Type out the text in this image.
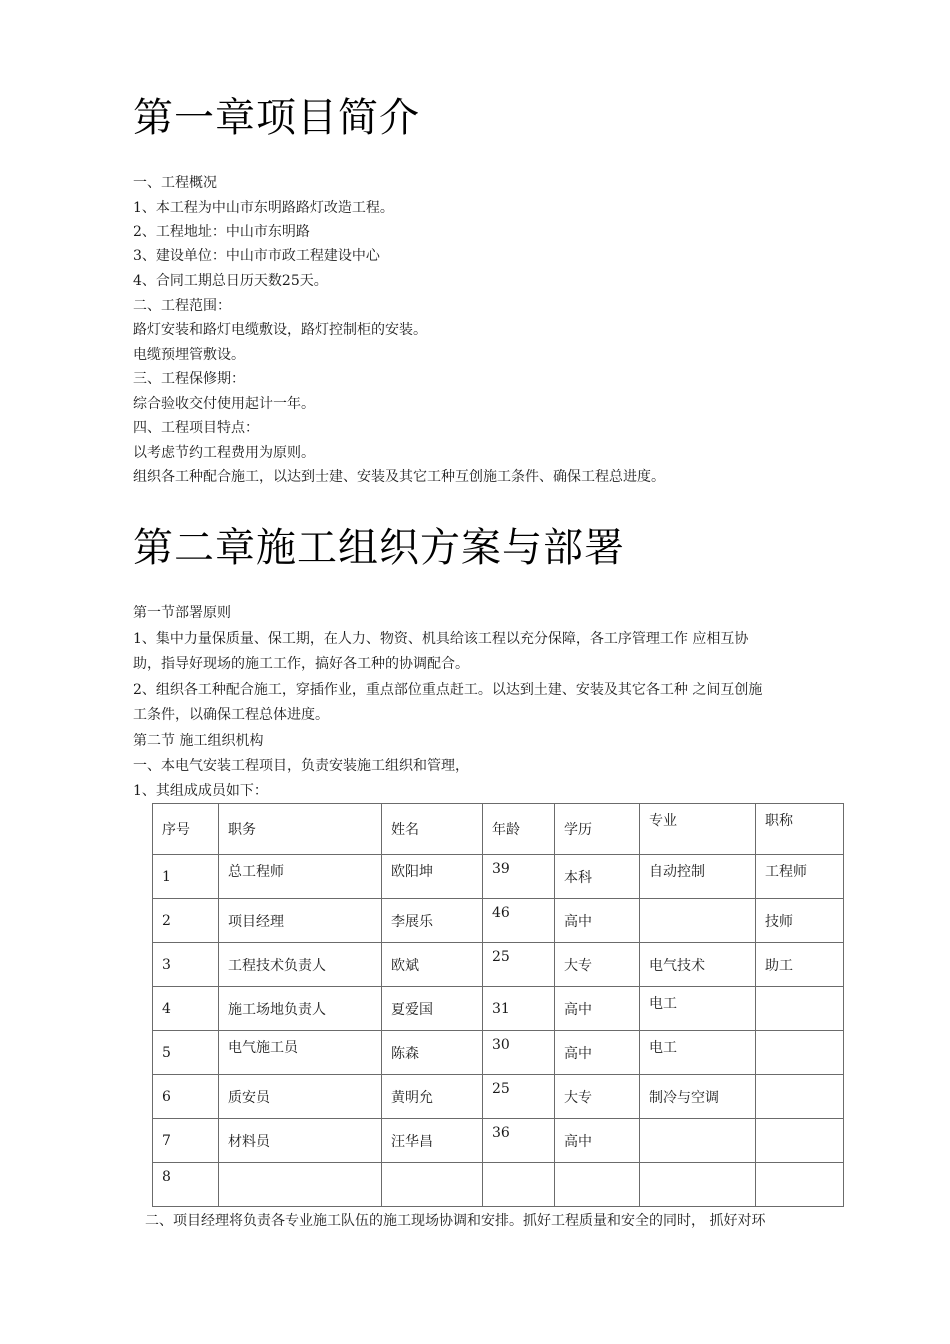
第一章项目简介
一、工程概况
1、本工程为中山市东明路路灯改造工程。
2、工程地址：中山市东明路
3、建设单位：中山市市政工程建设中心
4、合同工期总日历天数25天。
二、工程范围：
路灯安装和路灯电缆敷设，路灯控制柜的安装。
电缆预埋管敷设。
三、工程保修期：
综合验收交付使用起计一年。
四、工程项目特点：
以考虑节约工程费用为原则。
组织各工种配合施工，以达到士建、安装及其它工种互创施工条件、确保工程总进度。
第二章施工组织方案与部署
第一节部署原则
1、集中力量保质量、保工期，在人力、物资、机具给该工程以充分保障，各工序管理工作 应相互协
助，指导好现场的施工工作，搞好各工种的协调配合。
2、组织各工种配合施工，穿插作业，重点部位重点赶工。以达到土建、安装及其它各工种 之间互创施
工条件，以确保工程总体进度。
第二节 施工组织机构
一、本电气安装工程项目，负责安装施工组织和管理，
1、其组成成员如下：
序号	职务	姓名	年龄	学历	专业	职称
1	总工程师	欧阳坤	39	本科	自动控制	工程师
2	项目经理	李展乐	46	高中		技师
3	工程技术负责人	欧斌	25	大专	电气技术	助工
4	施工场地负责人	夏爱国	31	高中	电工	
5	电气施工员	陈森	30	高中	电工	
6	质安员	黄明允	25	大专	制冷与空调	
7	材料员	汪华昌	36	高中		
8						
二、项目经理将负责各专业施工队伍的施工现场协调和安排。抓好工程质量和安全的同时， 抓好对环
